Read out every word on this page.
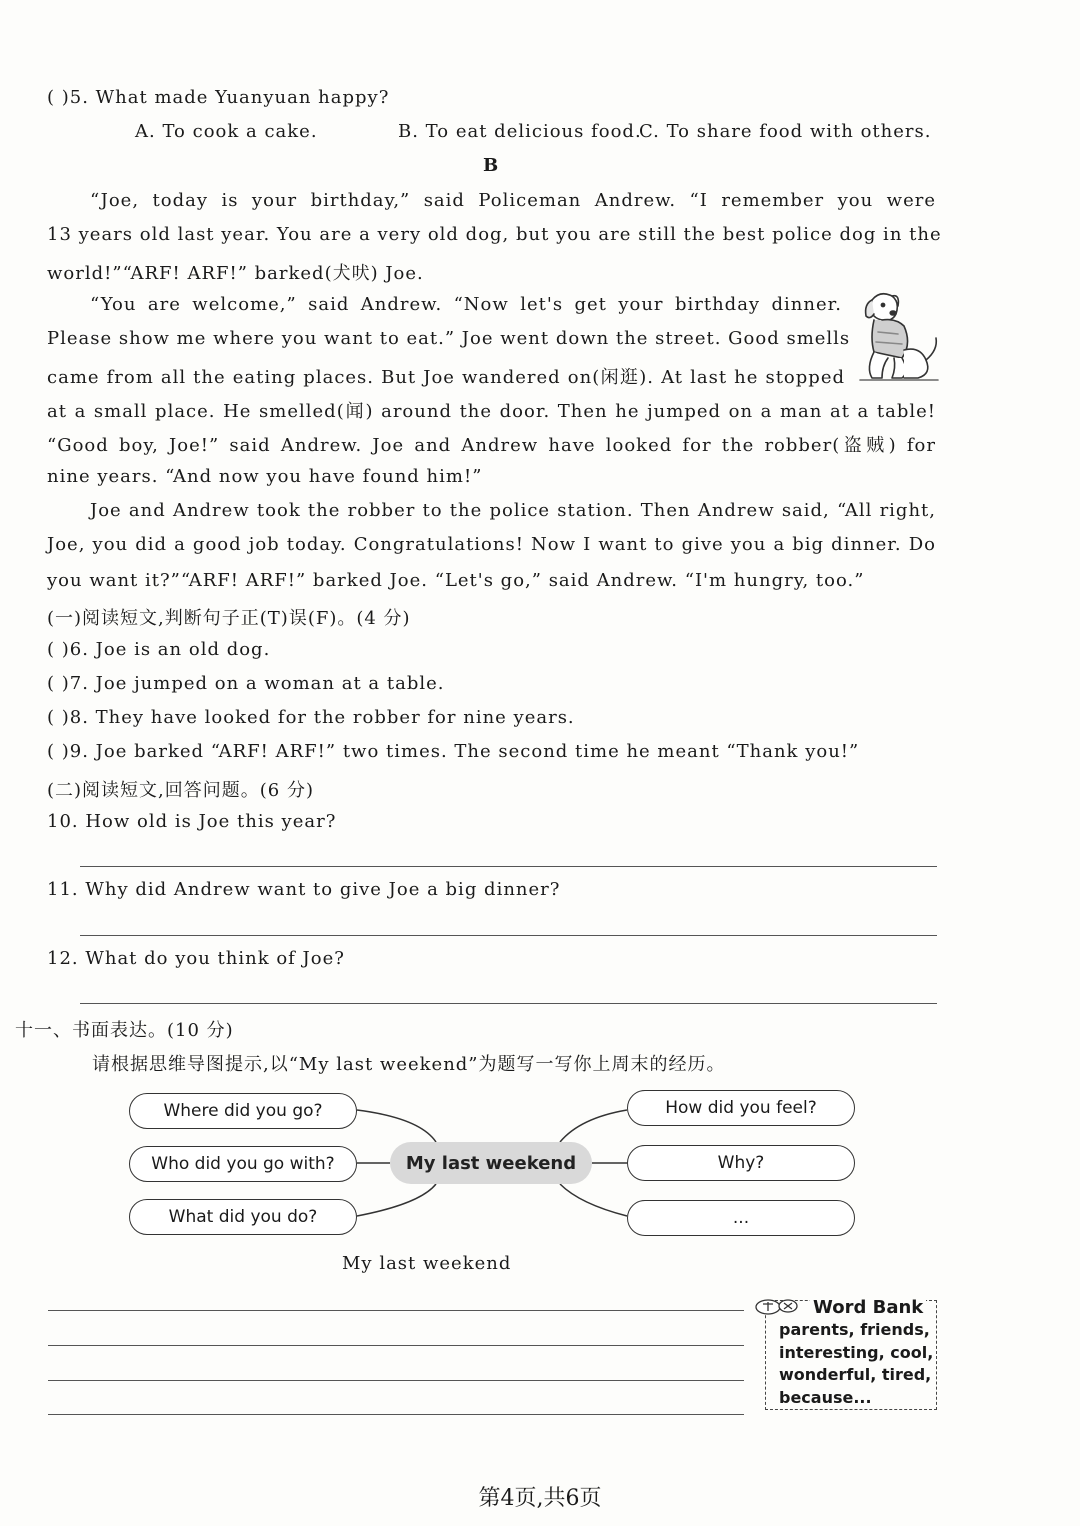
( )5. What made Yuanyuan happy?
A. To cook a cake.	B. To eat delicious food.
C. To share food with others.
B
“Joe, today is your birthday,” said Policeman Andrew. “I remember you were
13 years old last year. You are a very old dog, but you are still the best police dog in the
world!”“ARF! ARF!” barked(犬吠) Joe.
“You are welcome,” said Andrew. “Now let's get your birthday dinner.
Please show me where you want to eat.” Joe went down the street. Good smells
came from all the eating places. But Joe wandered on(闲逛). At last he stopped
at a small place. He smelled(闻) around the door. Then he jumped on a man at a table!
“Good boy, Joe!” said Andrew. Joe and Andrew have looked for the robber(盗贼) for
nine years. “And now you have found him!”
Joe and Andrew took the robber to the police station. Then Andrew said, “All right,
Joe, you did a good job today. Congratulations! Now I want to give you a big dinner. Do
you want it?”“ARF! ARF!” barked Joe. “Let's go,” said Andrew. “I'm hungry, too.”
(一)阅读短文,判断句子正(T)误(F)。(4 分)
( )6. Joe is an old dog.
( )7. Joe jumped on a woman at a table.
( )8. They have looked for the robber for nine years.
( )9. Joe barked “ARF! ARF!” two times. The second time he meant “Thank you!”
(二)阅读短文,回答问题。(6 分)
10. How old is Joe this year?
11. Why did Andrew want to give Joe a big dinner?
12. What do you think of Joe?
十一、书面表达。(10 分)
请根据思维导图提示,以“My last weekend”为题写一写你上周末的经历。
Where did you go?
Who did you go with?
What did you do?
My last weekend
How did you feel?
Why?
...
My last weekend
Word Bank
parents, friends,
interesting, cool,
wonderful, tired,
because...
第4页,共6页
